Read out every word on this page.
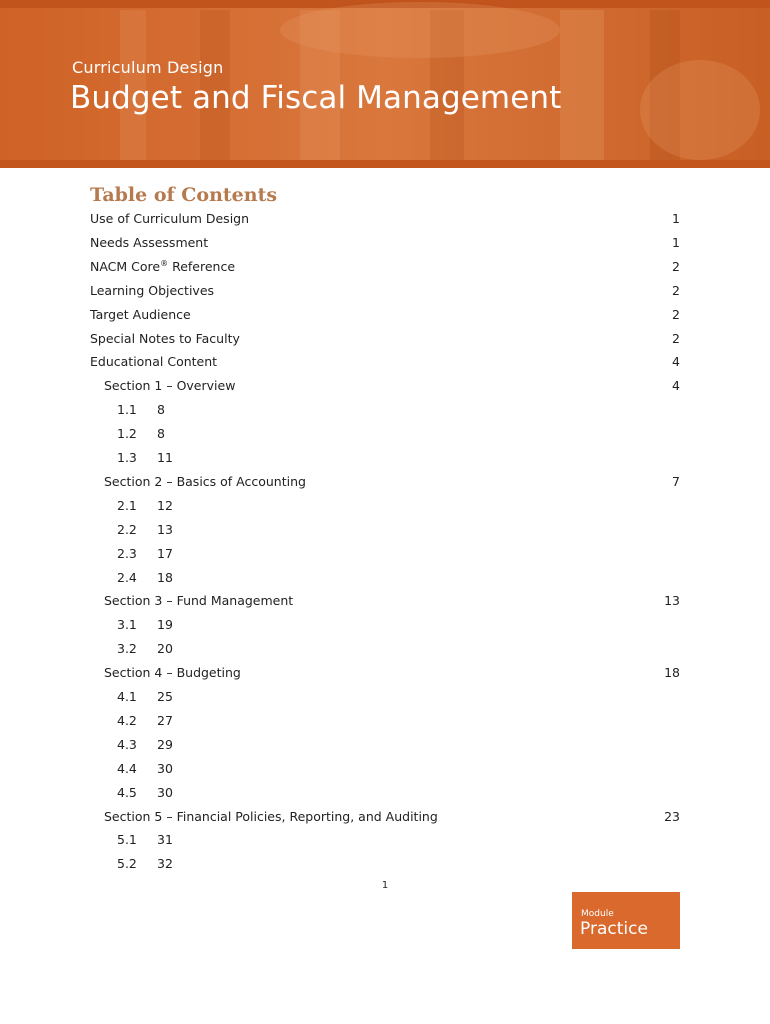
Curriculum Design
Budget and Fiscal Management
Table of Contents
Use of Curriculum Design	1
Needs Assessment	1
NACM Core® Reference	2
Learning Objectives	2
Target Audience	2
Special Notes to Faculty	2
Educational Content	4
Section 1 – Overview	4
1.1 8
1.2 8
1.3 11
Section 2 – Basics of Accounting	7
2.1 12
2.2 13
2.3 17
2.4 18
Section 3 – Fund Management	13
3.1 19
3.2 20
Section 4 – Budgeting	18
4.1 25
4.2 27
4.3 29
4.4 30
4.5 30
Section 5 – Financial Policies, Reporting, and Auditing	23
5.1 31
5.2 32
1
Module
Practice
